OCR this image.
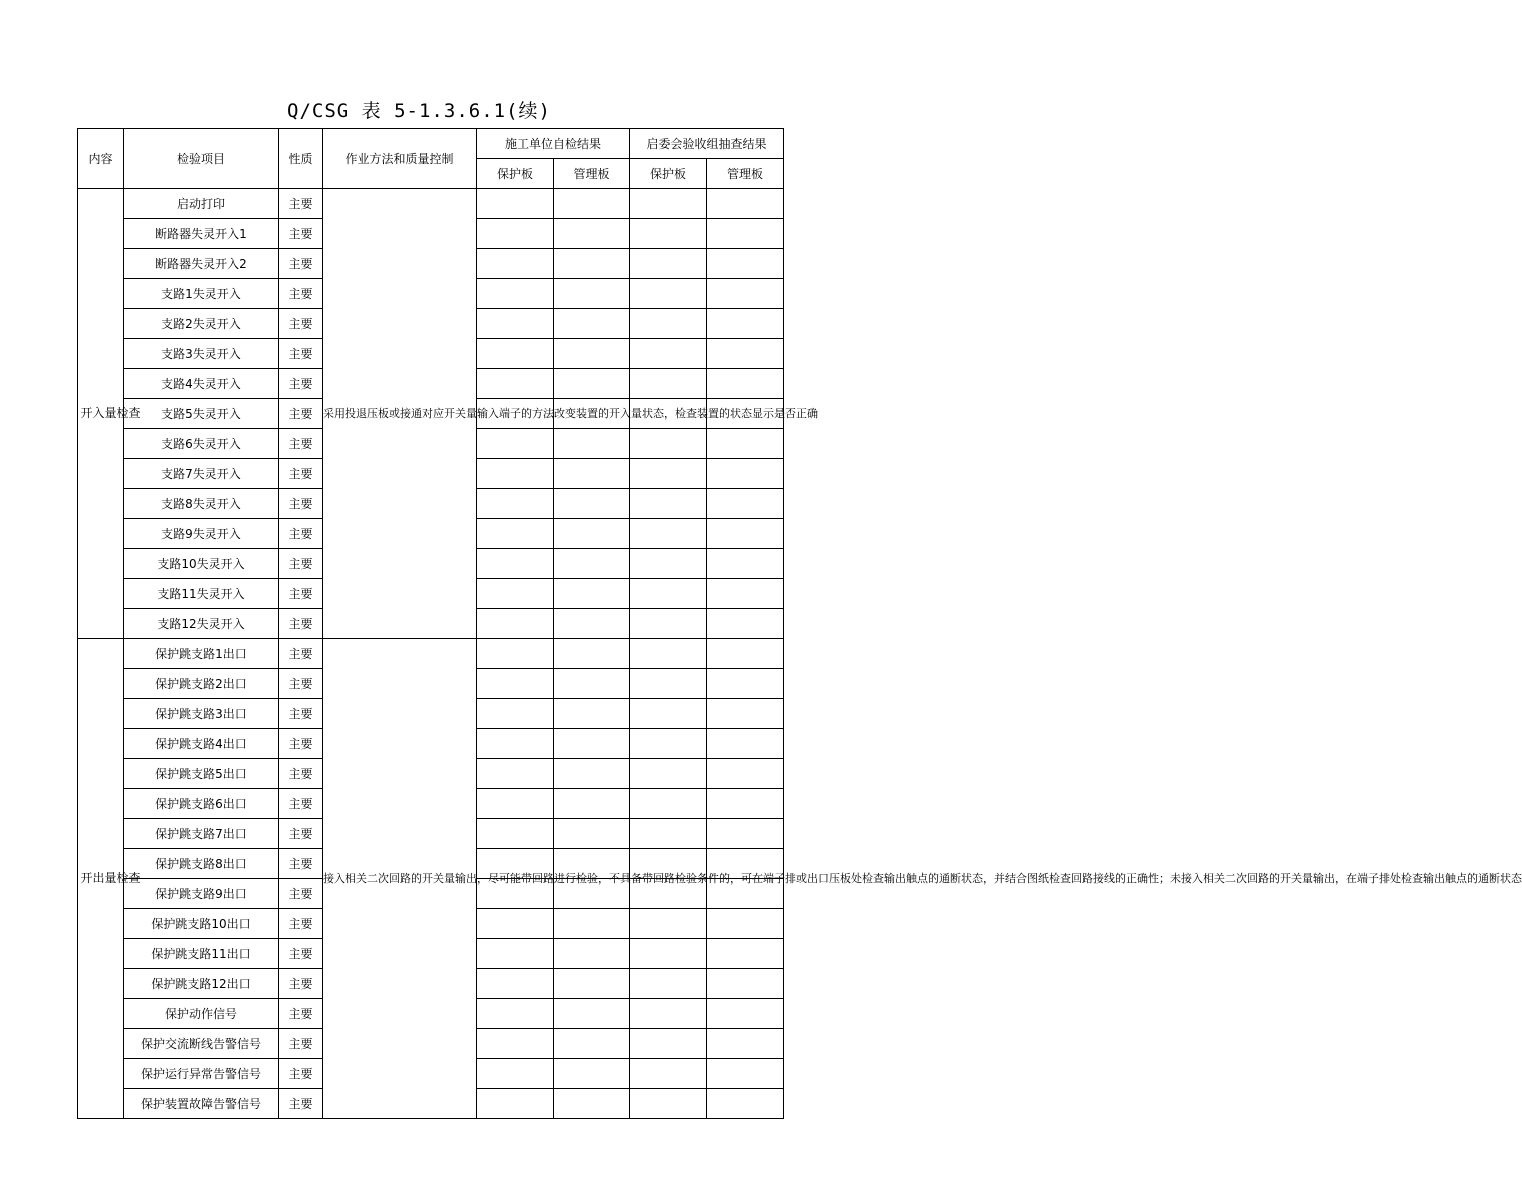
Q/CSG 表 5-1.3.6.1(续)
内容	检验项目	性质	作业方法和质量控制	施工单位自检结果		启委会验收组抽查结果	
				保护板	管理板	保护板	管理板
开入量检查	启动打印	主要	采用投退压板或接通对应开关量输入端子的方法改变装置的开入量状态，检查装置的状态显示是否正确				
	断路器失灵开入1	主要					
	断路器失灵开入2	主要					
	支路1失灵开入	主要					
	支路2失灵开入	主要					
	支路3失灵开入	主要					
	支路4失灵开入	主要					
	支路5失灵开入	主要					
	支路6失灵开入	主要					
	支路7失灵开入	主要					
	支路8失灵开入	主要					
	支路9失灵开入	主要					
	支路10失灵开入	主要					
	支路11失灵开入	主要					
	支路12失灵开入	主要					
开出量检查	保护跳支路1出口	主要	接入相关二次回路的开关量输出，尽可能带回路进行检验，不具备带回路检验条件的，可在端子排或出口压板处检查输出触点的通断状态，并结合图纸检查回路接线的正确性；未接入相关二次回路的开关量输出，在端子排处检查输出触点的通断状态				
	保护跳支路2出口	主要					
	保护跳支路3出口	主要					
	保护跳支路4出口	主要					
	保护跳支路5出口	主要					
	保护跳支路6出口	主要					
	保护跳支路7出口	主要					
	保护跳支路8出口	主要					
	保护跳支路9出口	主要					
	保护跳支路10出口	主要					
	保护跳支路11出口	主要					
	保护跳支路12出口	主要					
	保护动作信号	主要					
	保护交流断线告警信号	主要					
	保护运行异常告警信号	主要					
	保护装置故障告警信号	主要					
